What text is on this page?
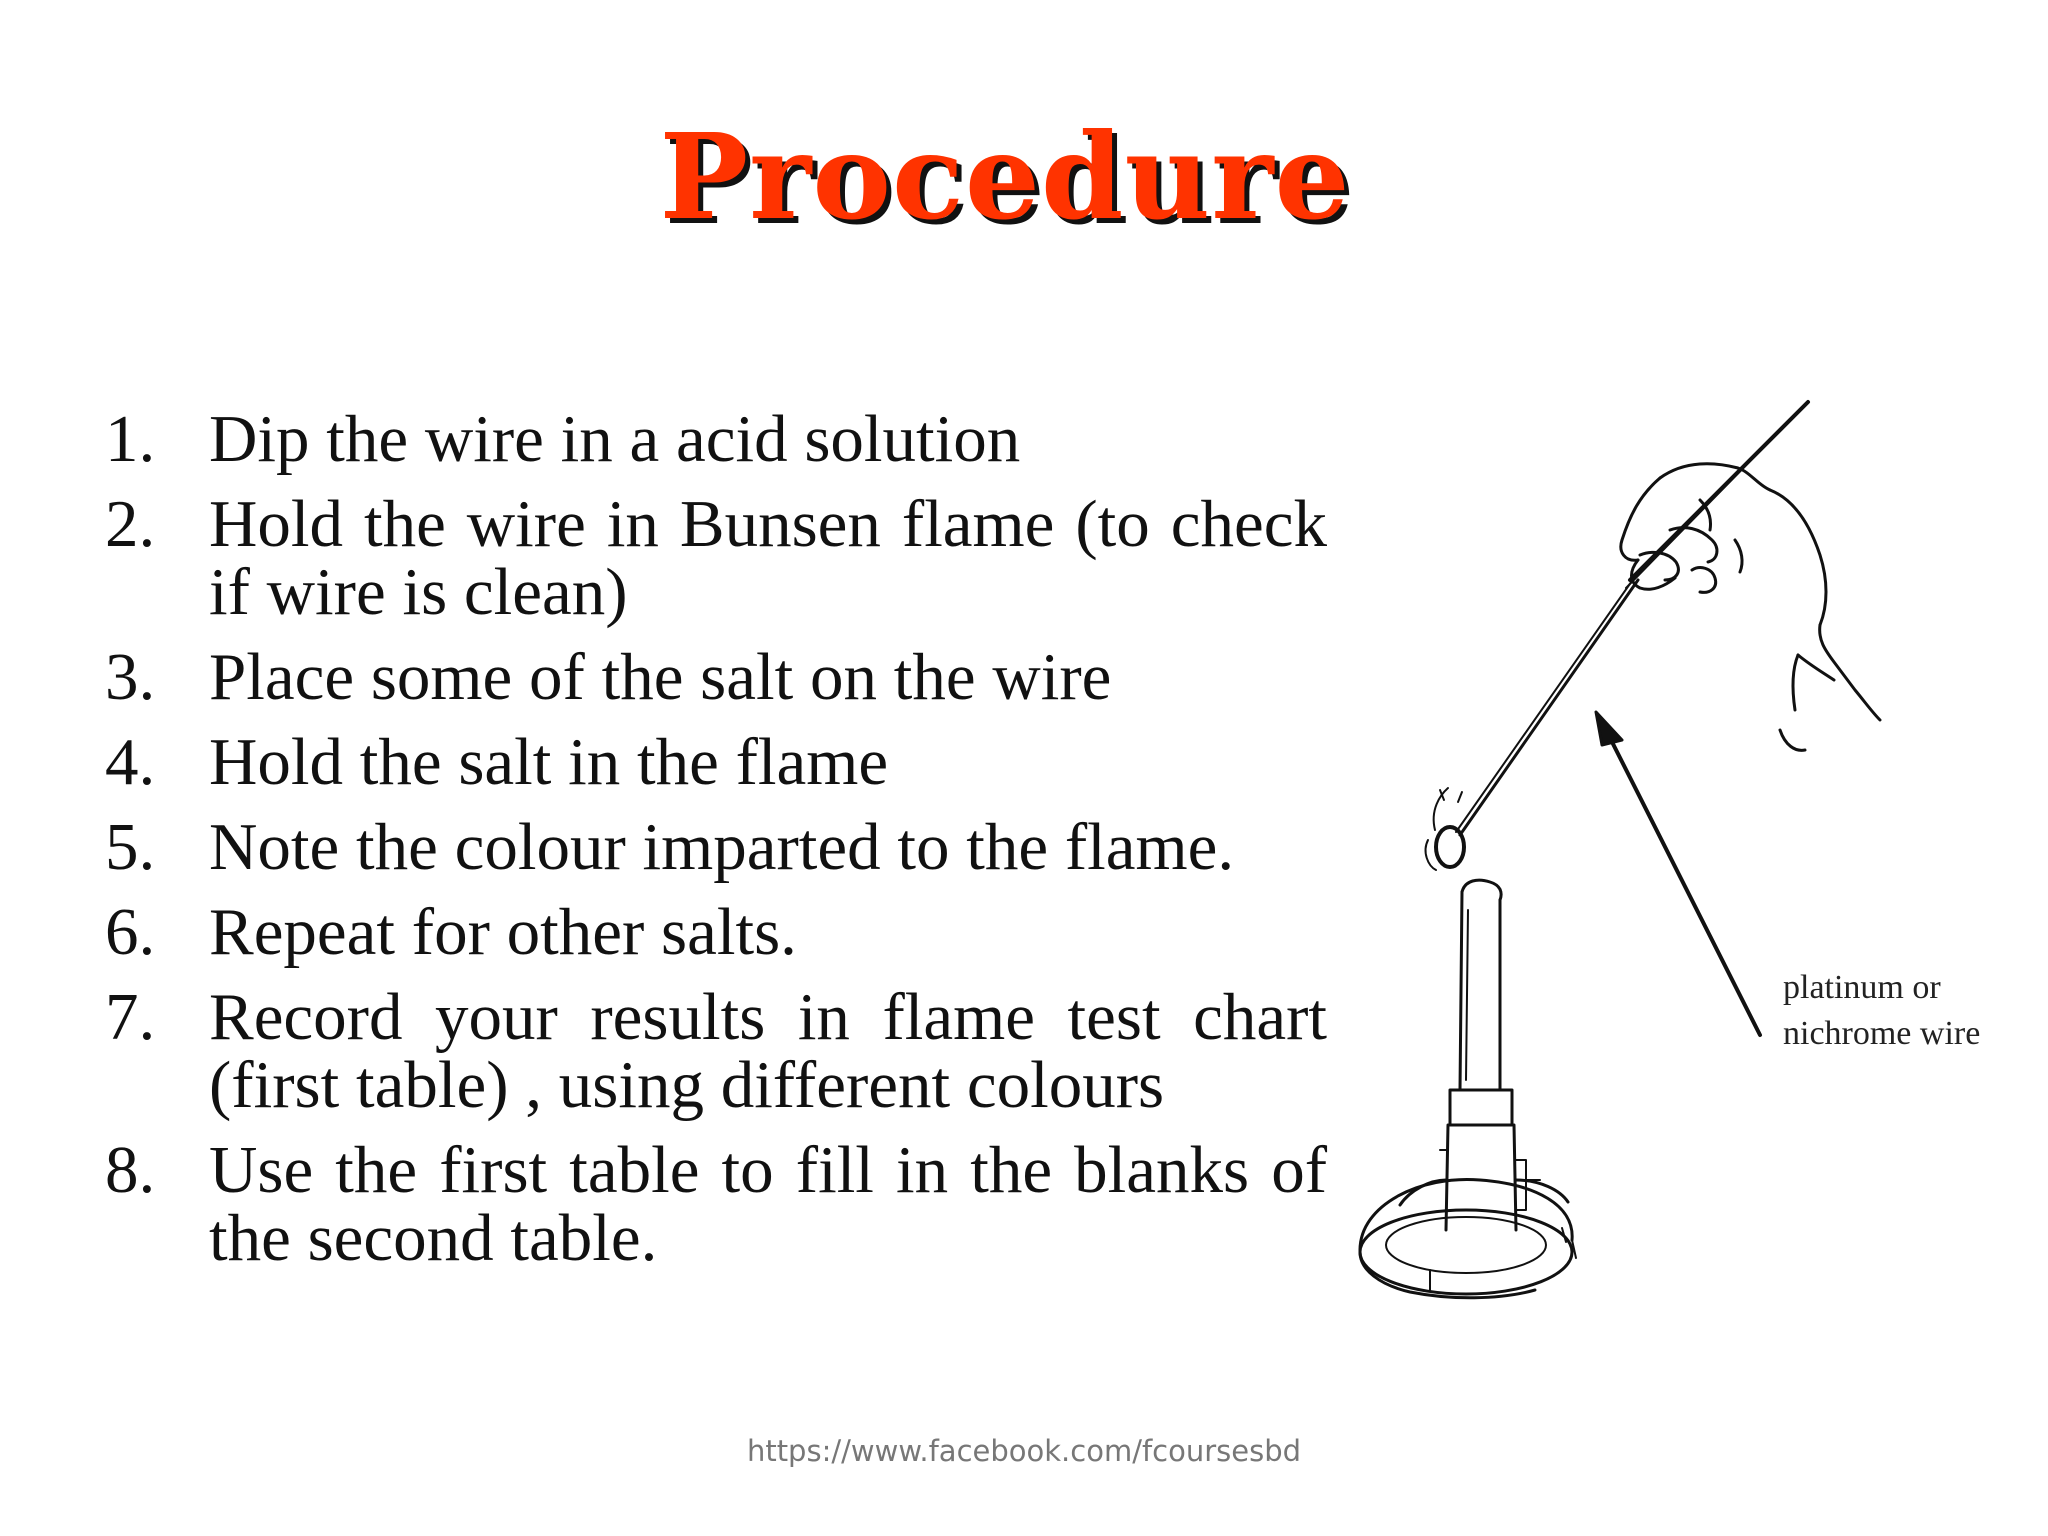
Procedure
1. Dip the wire in a acid solution
2. Hold the wire in Bunsen flame (to check if wire is clean)
3. Place some of the salt on the wire
4. Hold the salt in the flame
5. Note the colour imparted to the flame.
6. Repeat for other salts.
7. Record your results in flame test chart (first table) , using different colours
8. Use the first table to fill in the blanks of the second table.
platinum or
nichrome wire
https://www.facebook.com/fcoursesbd
